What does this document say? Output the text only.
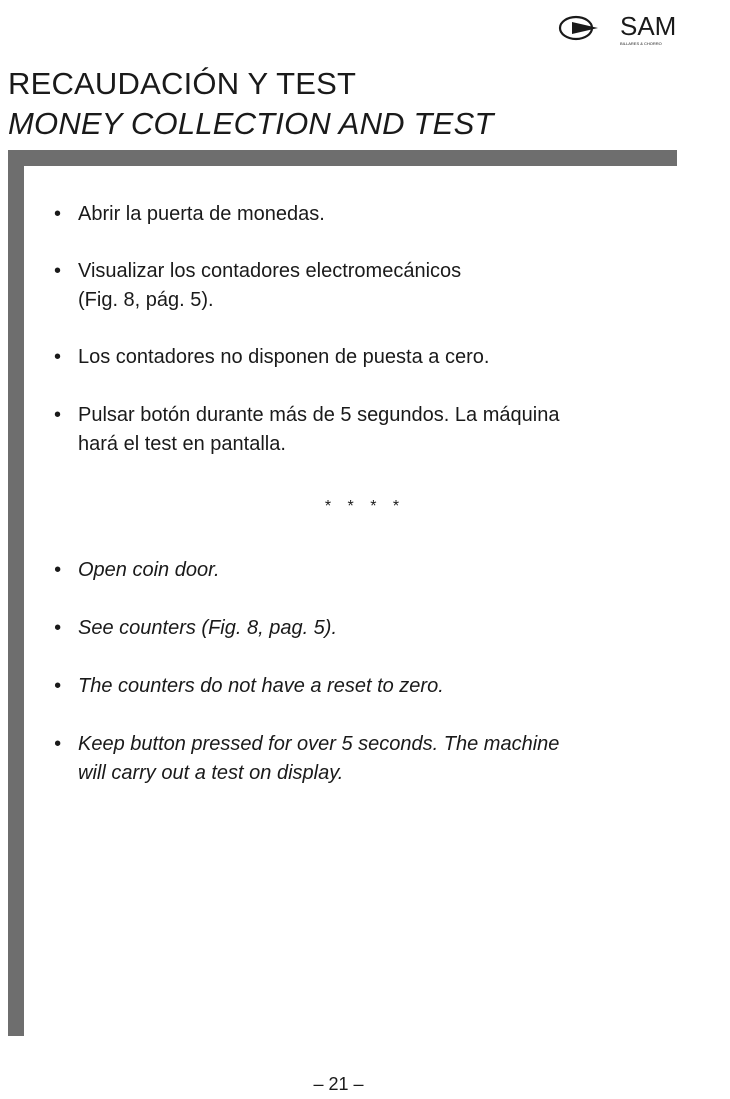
SAM
BILLARES & CHORRO
RECAUDACIÓN Y TEST
MONEY COLLECTION AND TEST
• Abrir la puerta de monedas.
• Visualizar los contadores electromecánicos
(Fig. 8, pág. 5).
• Los contadores no disponen de puesta a cero.
• Pulsar botón durante más de 5 segundos. La máquina
hará el test en pantalla.
* * * *
• Open coin door.
• See counters (Fig. 8, pag. 5).
• The counters do not have a reset to zero.
• Keep button pressed for over 5 seconds. The machine
will carry out a test on display.
– 21 –
